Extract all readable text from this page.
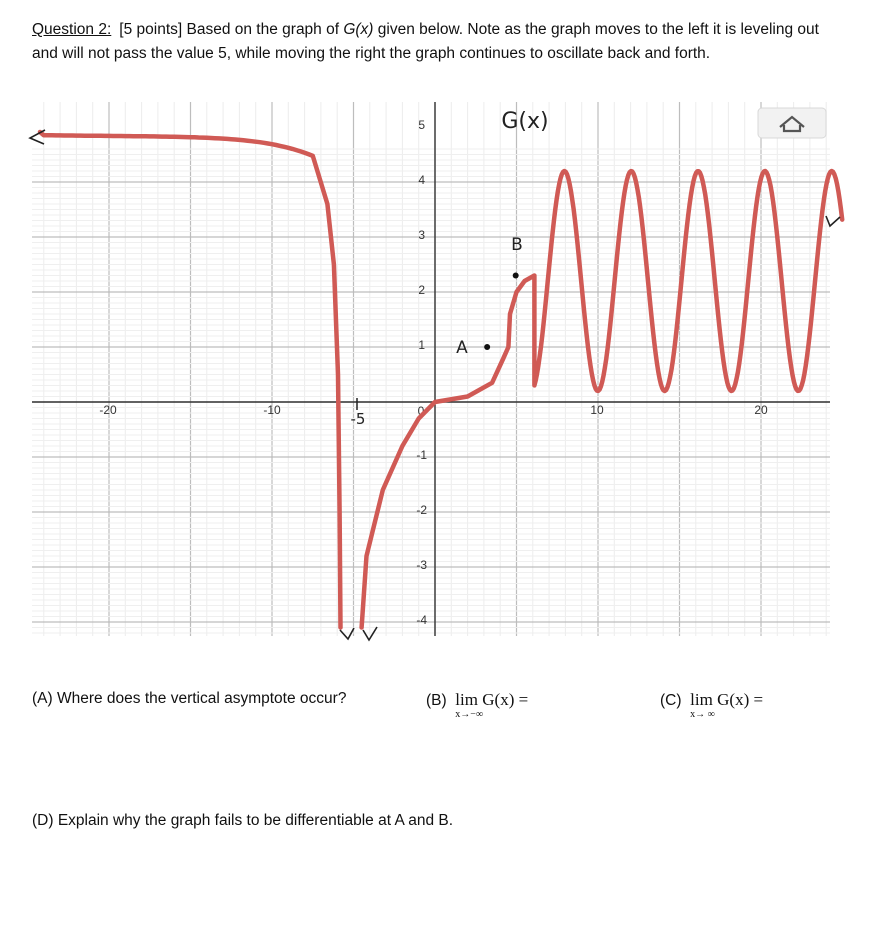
Question 2: [5 points] Based on the graph of G(x) given below. Note as the graph moves to the left it is leveling out and will not pass the value 5, while moving the right the graph continues to oscillate back and forth.
-20	-10	10	20
5
4
3
2
1
-1
-2
-3
-4
0
-5
G(x)
A
B
(A) Where does the vertical asymptote occur?	(B) lim
x→−∞
G(x) =	(C) lim
x→ ∞
G(x) =
(D) Explain why the graph fails to be differentiable at A and B.
